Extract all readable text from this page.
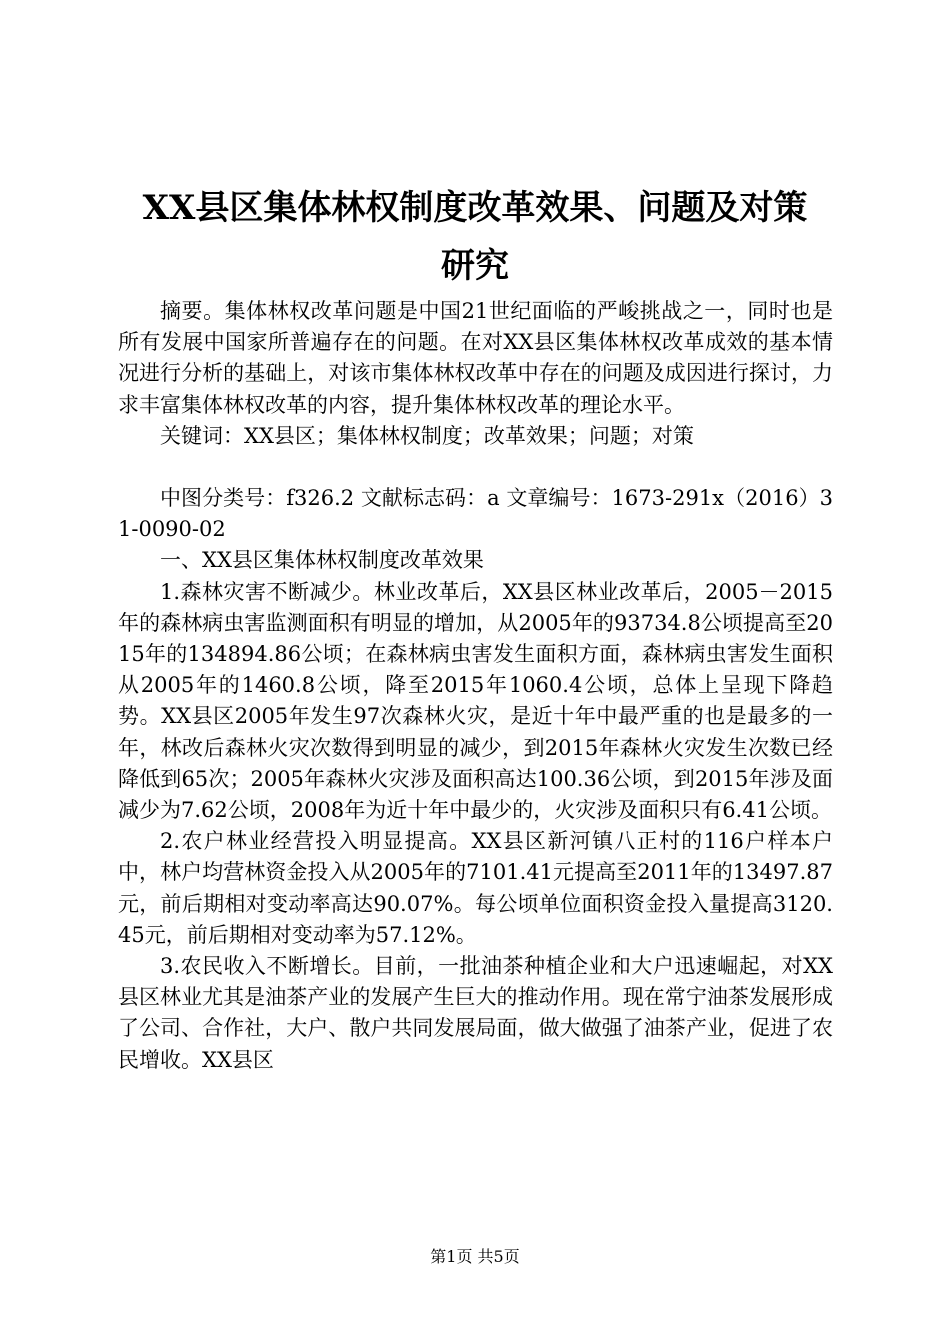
XX县区集体林权制度改革效果、问题及对策
研究

摘要。集体林权改革问题是中国21世纪面临的严峻挑战之一，同时也是所有发展中国家所普遍存在的问题。在对XX县区集体林权改革成效的基本情况进行分析的基础上，对该市集体林权改革中存在的问题及成因进行探讨，力求丰富集体林权改革的内容，提升集体林权改革的理论水平。

关键词：XX县区；集体林权制度；改革效果；问题；对策

中图分类号：f326.2 文献标志码：a 文章编号：1673-291x（2016）31-0090-02

一、XX县区集体林权制度改革效果

1.森林灾害不断减少。林业改革后，XX县区林业改革后，2005－2015年的森林病虫害监测面积有明显的增加，从2005年的93734.8公顷提高至2015年的134894.86公顷；在森林病虫害发生面积方面，森林病虫害发生面积从2005年的1460.8公顷，降至2015年1060.4公顷，总体上呈现下降趋势。XX县区2005年发生97次森林火灾，是近十年中最严重的也是最多的一年，林改后森林火灾次数得到明显的减少，到2015年森林火灾发生次数已经降低到65次；2005年森林火灾涉及面积高达100.36公顷，到2015年涉及面减少为7.62公顷，2008年为近十年中最少的，火灾涉及面积只有6.41公顷。

2.农户林业经营投入明显提高。XX县区新河镇八正村的116户样本户中，林户均营林资金投入从2005年的7101.41元提高至2011年的13497.87元，前后期相对变动率高达90.07%。每公顷单位面积资金投入量提高3120.45元，前后期相对变动率为57.12%。

3.农民收入不断增长。目前，一批油茶种植企业和大户迅速崛起，对XX县区林业尤其是油茶产业的发展产生巨大的推动作用。现在常宁油茶发展形成了公司、合作社，大户、散户共同发展局面，做大做强了油茶产业，促进了农民增收。XX县区

第1页 共5页
